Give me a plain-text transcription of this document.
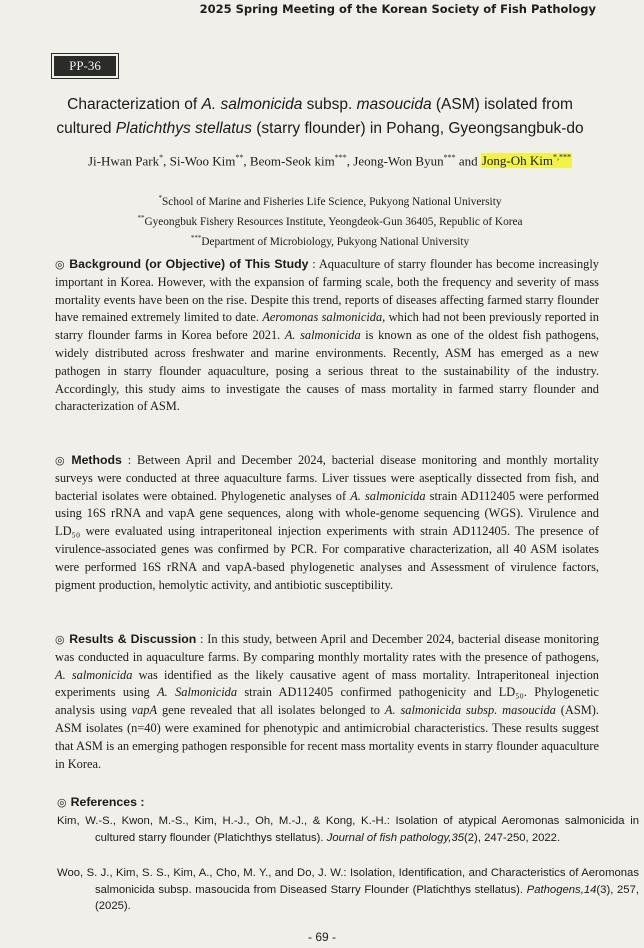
2025 Spring Meeting of the Korean Society of Fish Pathology
PP-36
Characterization of A. salmonicida subsp. masoucida (ASM) isolated from cultured Platichthys stellatus (starry flounder) in Pohang, Gyeongsangbuk-do
Ji-Hwan Park*, Si-Woo Kim**, Beom-Seok kim***, Jeong-Won Byun*** and Jong-Oh Kim*,***
*School of Marine and Fisheries Life Science, Pukyong National University
**Gyeongbuk Fishery Resources Institute, Yeongdeok-Gun 36405, Republic of Korea
***Department of Microbiology, Pukyong National University
◎ Background (or Objective) of This Study : Aquaculture of starry flounder has become increasingly important in Korea. However, with the expansion of farming scale, both the frequency and severity of mass mortality events have been on the rise. Despite this trend, reports of diseases affecting farmed starry flounder have remained extremely limited to date. Aeromonas salmonicida, which had not been previously reported in starry flounder farms in Korea before 2021. A. salmonicida is known as one of the oldest fish pathogens, widely distributed across freshwater and marine environments. Recently, ASM has emerged as a new pathogen in starry flounder aquaculture, posing a serious threat to the sustainability of the industry. Accordingly, this study aims to investigate the causes of mass mortality in farmed starry flounder and characterization of ASM.
◎ Methods : Between April and December 2024, bacterial disease monitoring and monthly mortality surveys were conducted at three aquaculture farms. Liver tissues were aseptically dissected from fish, and bacterial isolates were obtained. Phylogenetic analyses of A. salmonicida strain AD112405 were performed using 16S rRNA and vapA gene sequences, along with whole-genome sequencing (WGS). Virulence and LD₅₀ were evaluated using intraperitoneal injection experiments with strain AD112405. The presence of virulence-associated genes was confirmed by PCR. For comparative characterization, all 40 ASM isolates were performed 16S rRNA and vapA-based phylogenetic analyses and Assessment of virulence factors, pigment production, hemolytic activity, and antibiotic susceptibility.
◎ Results & Discussion : In this study, between April and December 2024, bacterial disease monitoring was conducted in aquaculture farms. By comparing monthly mortality rates with the presence of pathogens, A. salmonicida was identified as the likely causative agent of mass mortality. Intraperitoneal injection experiments using A. Salmonicida strain AD112405 confirmed pathogenicity and LD₅₀. Phylogenetic analysis using vapA gene revealed that all isolates belonged to A. salmonicida subsp. masoucida (ASM). ASM isolates (n=40) were examined for phenotypic and antimicrobial characteristics. These results suggest that ASM is an emerging pathogen responsible for recent mass mortality events in starry flounder aquaculture in Korea.
◎ References :
Kim, W.-S., Kwon, M.-S., Kim, H.-J., Oh, M.-J., & Kong, K.-H.: Isolation of atypical Aeromonas salmonicida in cultured starry flounder (Platichthys stellatus). Journal of fish pathology,35(2), 247-250, 2022.
Woo, S. J., Kim, S. S., Kim, A., Cho, M. Y., and Do, J. W.: Isolation, Identification, and Characteristics of Aeromonas salmonicida subsp. masoucida from Diseased Starry Flounder (Platichthys stellatus). Pathogens,14(3), 257, (2025).
- 69 -
